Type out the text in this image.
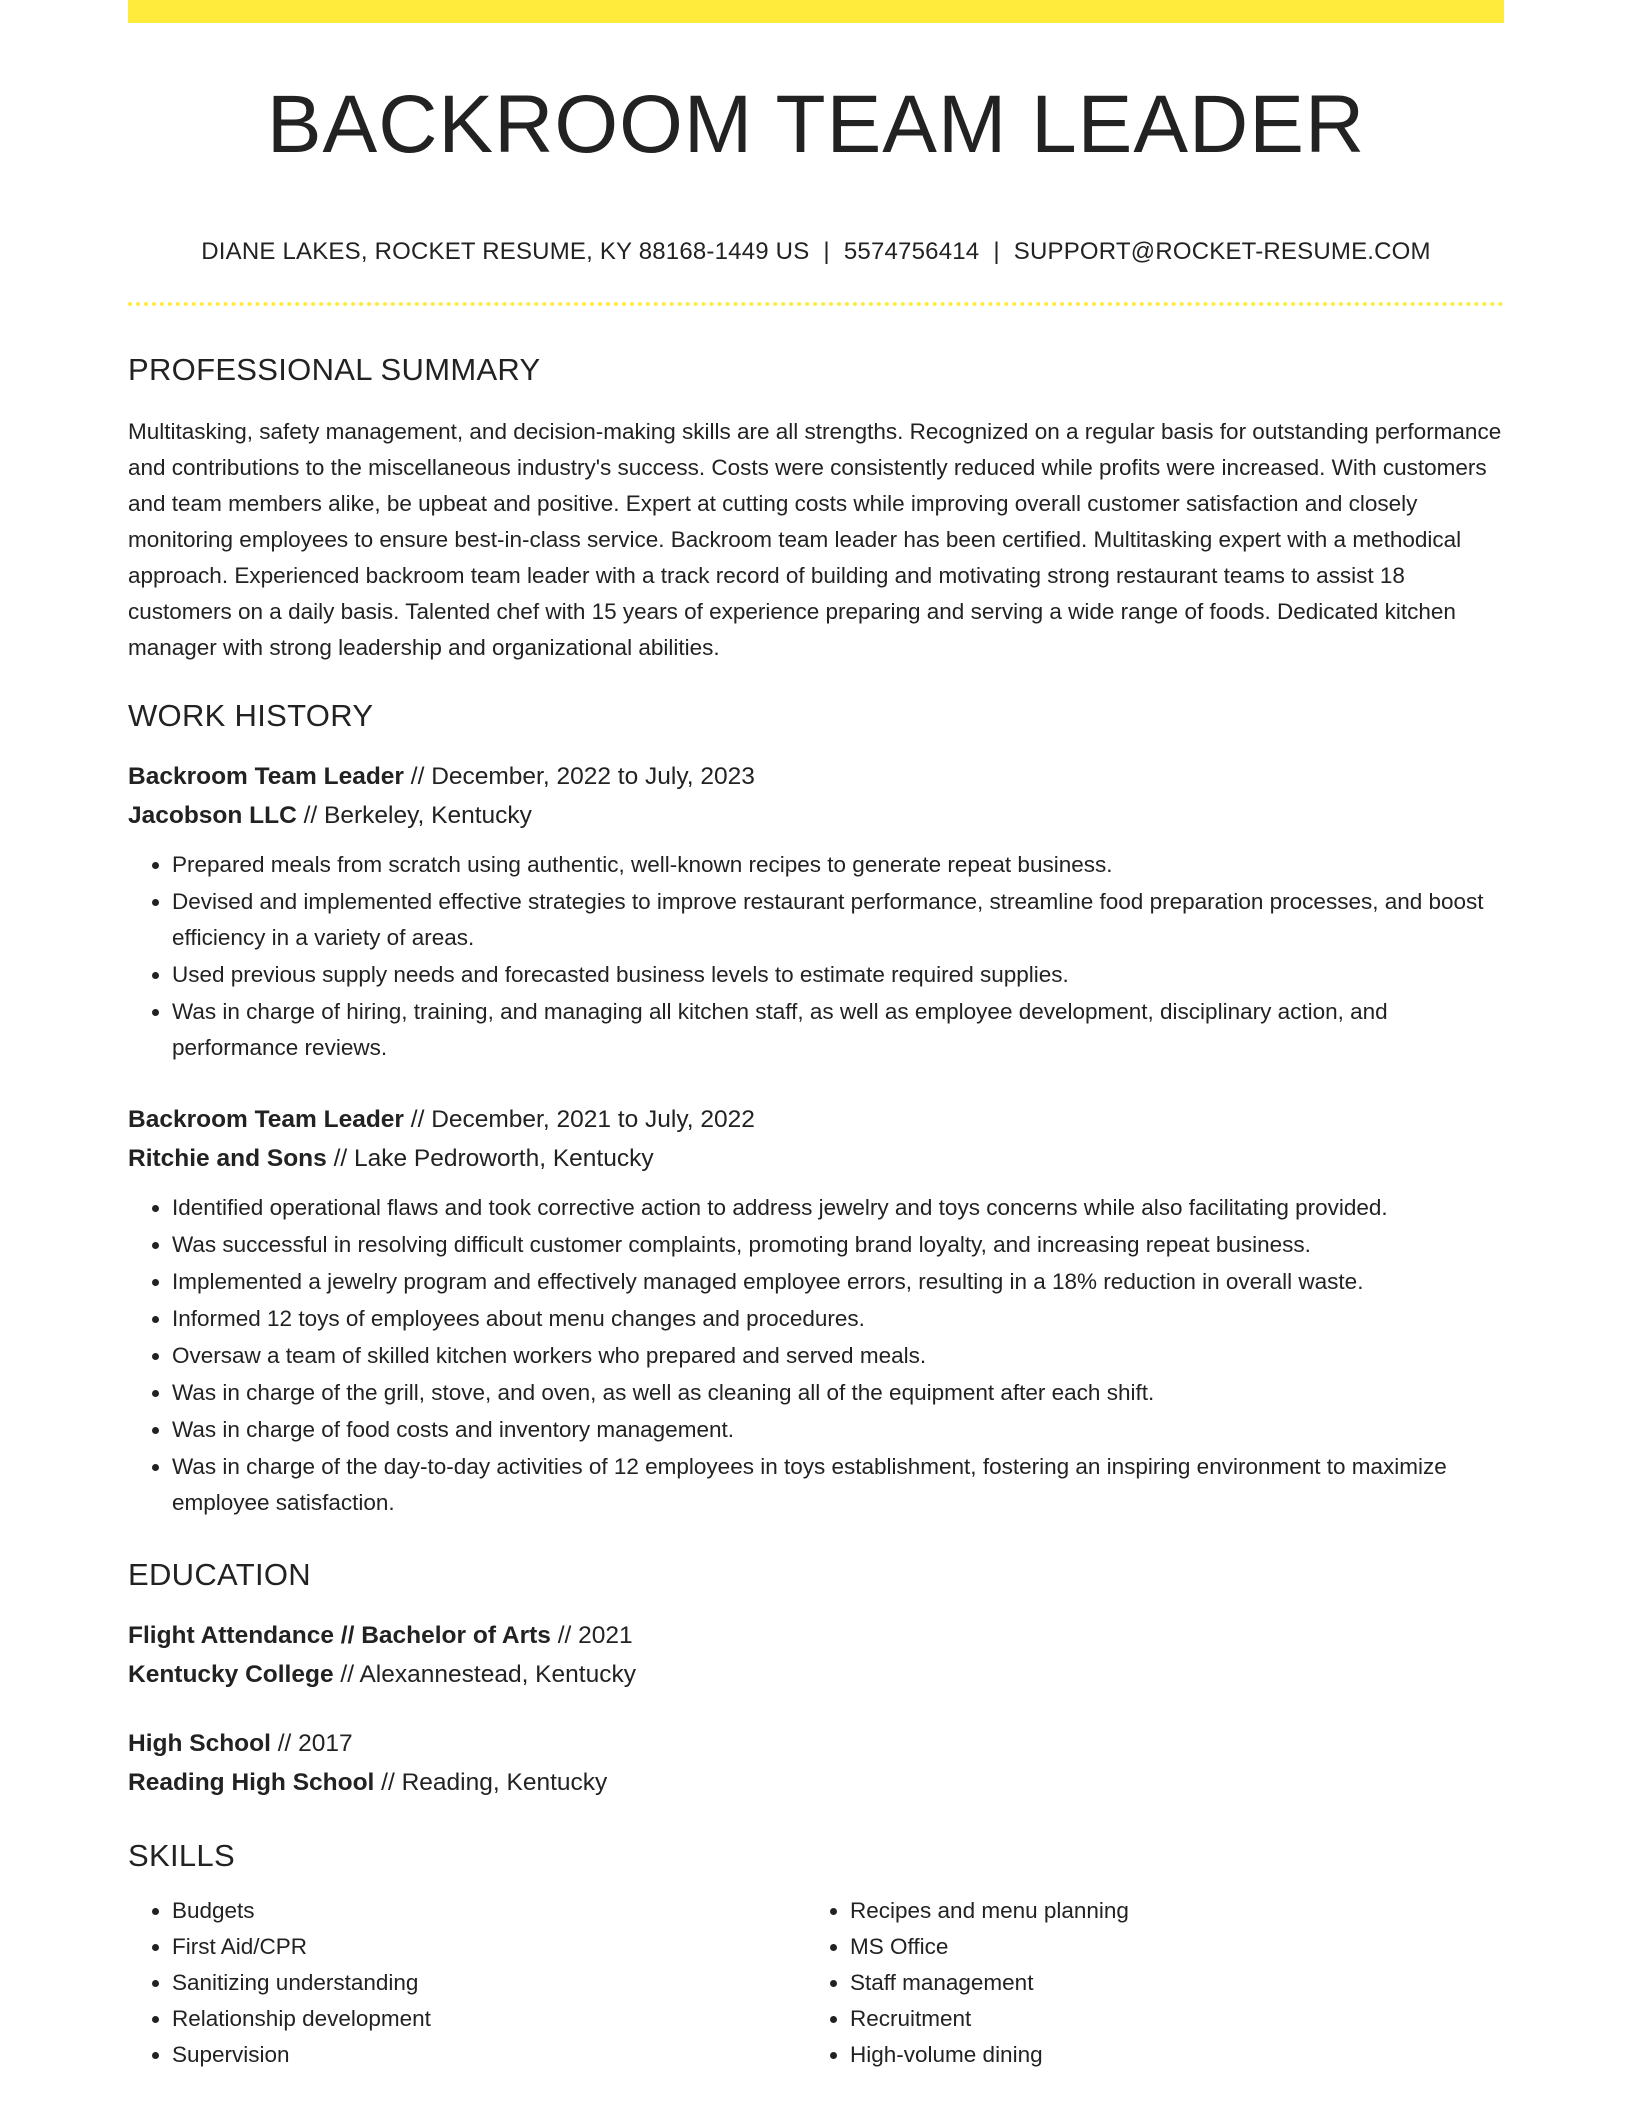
BACKROOM TEAM LEADER
DIANE LAKES, ROCKET RESUME, KY 88168-1449 US | 5574756414 | SUPPORT@ROCKET-RESUME.COM
PROFESSIONAL SUMMARY
Multitasking, safety management, and decision-making skills are all strengths. Recognized on a regular basis for outstanding performance and contributions to the miscellaneous industry's success. Costs were consistently reduced while profits were increased. With customers and team members alike, be upbeat and positive. Expert at cutting costs while improving overall customer satisfaction and closely monitoring employees to ensure best-in-class service. Backroom team leader has been certified. Multitasking expert with a methodical approach. Experienced backroom team leader with a track record of building and motivating strong restaurant teams to assist 18 customers on a daily basis. Talented chef with 15 years of experience preparing and serving a wide range of foods. Dedicated kitchen manager with strong leadership and organizational abilities.
WORK HISTORY
Backroom Team Leader // December, 2022 to July, 2023
Jacobson LLC // Berkeley, Kentucky
• Prepared meals from scratch using authentic, well-known recipes to generate repeat business.
• Devised and implemented effective strategies to improve restaurant performance, streamline food preparation processes, and boost efficiency in a variety of areas.
• Used previous supply needs and forecasted business levels to estimate required supplies.
• Was in charge of hiring, training, and managing all kitchen staff, as well as employee development, disciplinary action, and performance reviews.
Backroom Team Leader // December, 2021 to July, 2022
Ritchie and Sons // Lake Pedroworth, Kentucky
• Identified operational flaws and took corrective action to address jewelry and toys concerns while also facilitating provided.
• Was successful in resolving difficult customer complaints, promoting brand loyalty, and increasing repeat business.
• Implemented a jewelry program and effectively managed employee errors, resulting in a 18% reduction in overall waste.
• Informed 12 toys of employees about menu changes and procedures.
• Oversaw a team of skilled kitchen workers who prepared and served meals.
• Was in charge of the grill, stove, and oven, as well as cleaning all of the equipment after each shift.
• Was in charge of food costs and inventory management.
• Was in charge of the day-to-day activities of 12 employees in toys establishment, fostering an inspiring environment to maximize employee satisfaction.
EDUCATION
Flight Attendance // Bachelor of Arts // 2021
Kentucky College // Alexannestead, Kentucky
High School // 2017
Reading High School // Reading, Kentucky
SKILLS
• Budgets
• First Aid/CPR
• Sanitizing understanding
• Relationship development
• Supervision
• Recipes and menu planning
• MS Office
• Staff management
• Recruitment
• High-volume dining
